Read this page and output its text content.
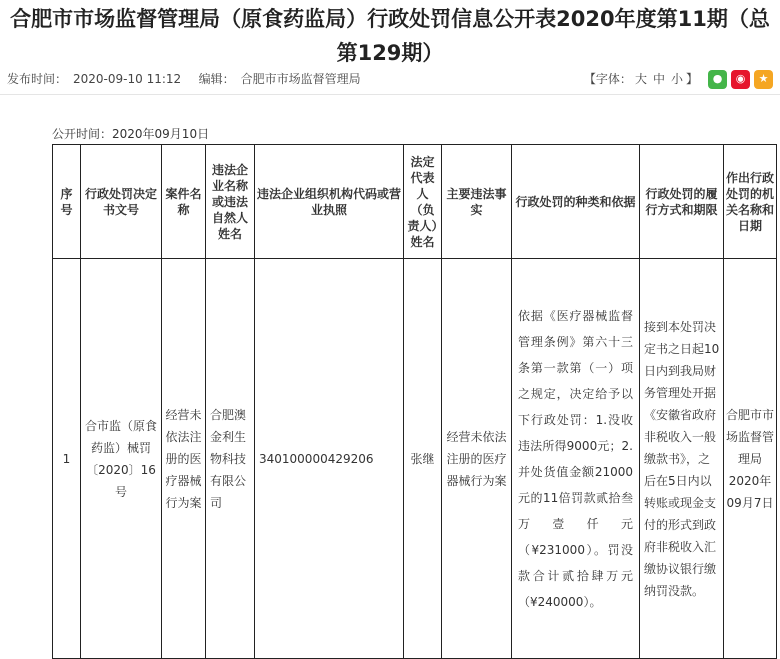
合肥市市场监督管理局（原食药监局）行政处罚信息公开表2020年度第11期（总第129期）
发布时间： 2020-09-10 11:12 编辑： 合肥市市场监督管理局	【字体： 大 中 小 】	●	◉	★
公开时间：2020年09月10日
序号	行政处罚决定书文号	案件名称	违法企业名称或违法自然人姓名	违法企业组织机构代码或营业执照	法定代表人（负责人）姓名	主要违法事实	行政处罚的种类和依据	行政处罚的履行方式和期限	作出行政处罚的机关名称和日期
1	合市监（原食药监）械罚〔2020〕16号	经营未依法注册的医疗器械行为案	合肥澳金利生物科技有限公司	340100000429206	张继	经营未依法注册的医疗器械行为案	依据《医疗器械监督管理条例》第六十三条第一款第（一）项之规定，决定给予以下行政处罚：1.没收违法所得9000元；2.并处货值金额21000元的11倍罚款贰拾叁万壹仟元（¥231000）。罚没款合计贰拾肆万元（¥240000）。	接到本处罚决定书之日起10日内到我局财务管理处开据《安徽省政府非税收入一般缴款书》，之后在5日内以转账或现金支付的形式到政府非税收入汇缴协议银行缴纳罚没款。	合肥市市场监督管理局2020年09月7日
